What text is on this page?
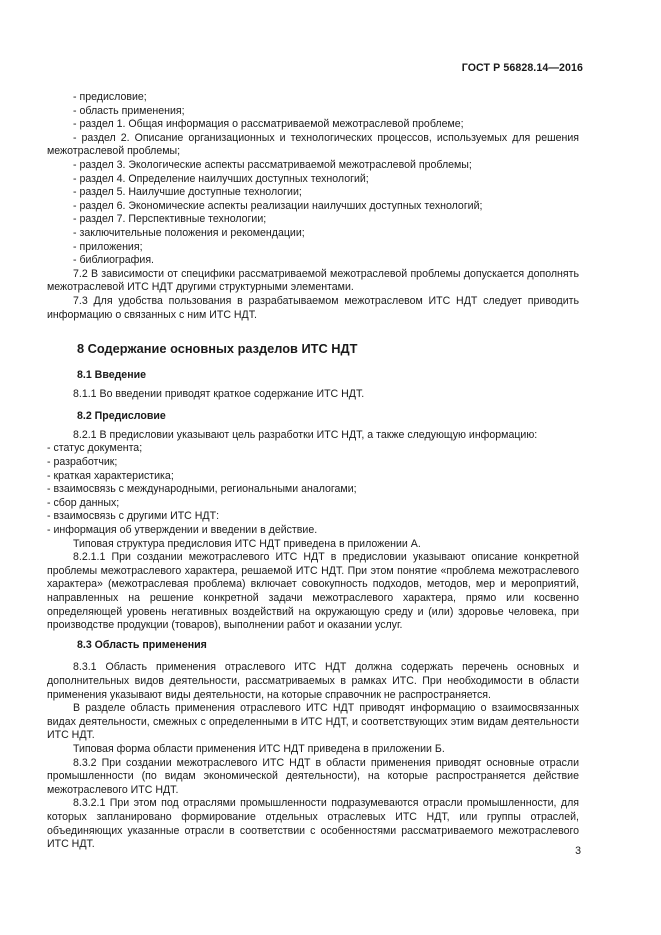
ГОСТ Р 56828.14—2016
- предисловие;
- область применения;
- раздел 1. Общая информация о рассматриваемой межотраслевой проблеме;
- раздел 2. Описание организационных и технологических процессов, используемых для решения межотраслевой проблемы;
- раздел 3. Экологические аспекты рассматриваемой межотраслевой проблемы;
- раздел 4. Определение наилучших доступных технологий;
- раздел 5. Наилучшие доступные технологии;
- раздел 6. Экономические аспекты реализации наилучших доступных технологий;
- раздел 7. Перспективные технологии;
- заключительные положения и рекомендации;
- приложения;
- библиография.
7.2 В зависимости от специфики рассматриваемой межотраслевой проблемы допускается дополнять межотраслевой ИТС НДТ другими структурными элементами.
7.3 Для удобства пользования в разрабатываемом межотраслевом ИТС НДТ следует приводить информацию о связанных с ним ИТС НДТ.
8 Содержание основных разделов ИТС НДТ
8.1 Введение
8.1.1 Во введении приводят краткое содержание ИТС НДТ.
8.2 Предисловие
8.2.1 В предисловии указывают цель разработки ИТС НДТ, а также следующую информацию:
- статус документа;
- разработчик;
- краткая характеристика;
- взаимосвязь с международными, региональными аналогами;
- сбор данных;
- взаимосвязь с другими ИТС НДТ:
- информация об утверждении и введении в действие.
Типовая структура предисловия ИТС НДТ приведена в приложении А.
8.2.1.1 При создании межотраслевого ИТС НДТ в предисловии указывают описание конкретной проблемы межотраслевого характера, решаемой ИТС НДТ. При этом понятие «проблема межотраслевого характера» (межотраслевая проблема) включает совокупность подходов, методов, мер и мероприятий, направленных на решение конкретной задачи межотраслевого характера, прямо или косвенно определяющей уровень негативных воздействий на окружающую среду и (или) здоровье человека, при производстве продукции (товаров), выполнении работ и оказании услуг.
8.3 Область применения
8.3.1 Область применения отраслевого ИТС НДТ должна содержать перечень основных и дополнительных видов деятельности, рассматриваемых в рамках ИТС. При необходимости в области применения указывают виды деятельности, на которые справочник не распространяется.
В разделе область применения отраслевого ИТС НДТ приводят информацию о взаимосвязанных видах деятельности, смежных с определенными в ИТС НДТ, и соответствующих этим видам деятельности ИТС НДТ.
Типовая форма области применения ИТС НДТ приведена в приложении Б.
8.3.2 При создании межотраслевого ИТС НДТ в области применения приводят основные отрасли промышленности (по видам экономической деятельности), на которые распространяется действие межотраслевого ИТС НДТ.
8.3.2.1 При этом под отраслями промышленности подразумеваются отрасли промышленности, для которых запланировано формирование отдельных отраслевых ИТС НДТ, или группы отраслей, объединяющих указанные отрасли в соответствии с особенностями рассматриваемого межотраслевого ИТС НДТ.
3
